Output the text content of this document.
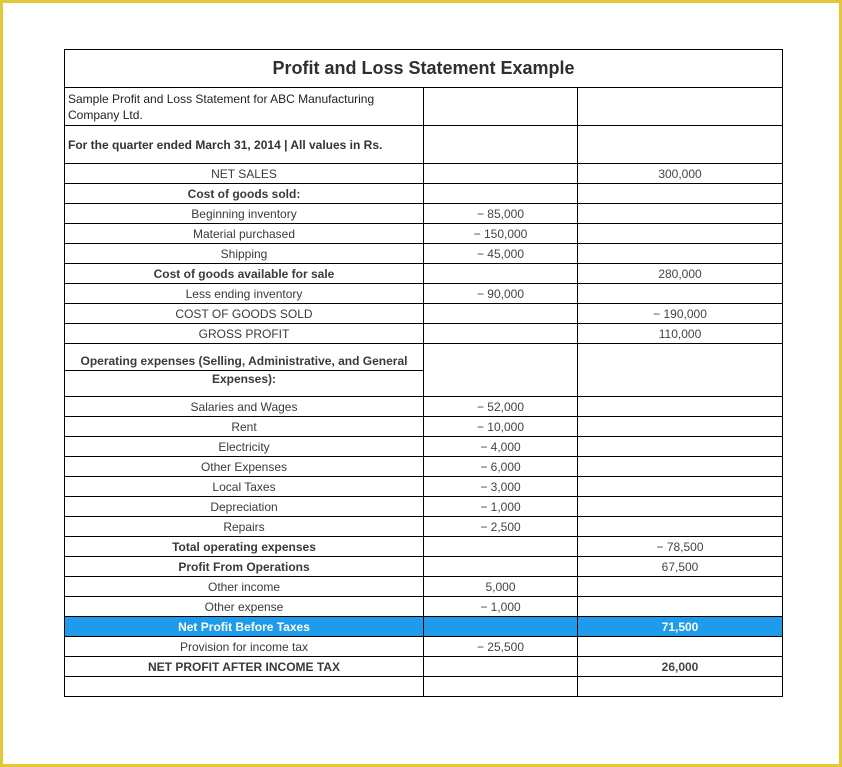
Profit and Loss Statement Example		
Sample Profit and Loss Statement for ABC Manufacturing Company Ltd.		
For the quarter ended March 31, 2014 | All values in Rs.		
NET SALES		300,000
Cost of goods sold:		
Beginning inventory	− 85,000	
Material purchased	− 150,000	
Shipping	− 45,000	
Cost of goods available for sale		280,000
Less ending inventory	− 90,000	
COST OF GOODS SOLD		− 190,000
GROSS PROFIT		110,000

Operating expenses (Selling, Administrative, and General
Expenses):		

Salaries and Wages	− 52,000	
Rent	− 10,000	
Electricity	− 4,000	
Other Expenses	− 6,000	
Local Taxes	− 3,000	
Depreciation	− 1,000	
Repairs	− 2,500	
Total operating expenses		− 78,500
Profit From Operations		67,500
Other income	5,000	
Other expense	− 1,000	
Net Profit Before Taxes		71,500
Provision for income tax	− 25,500	
NET PROFIT AFTER INCOME TAX		26,000
